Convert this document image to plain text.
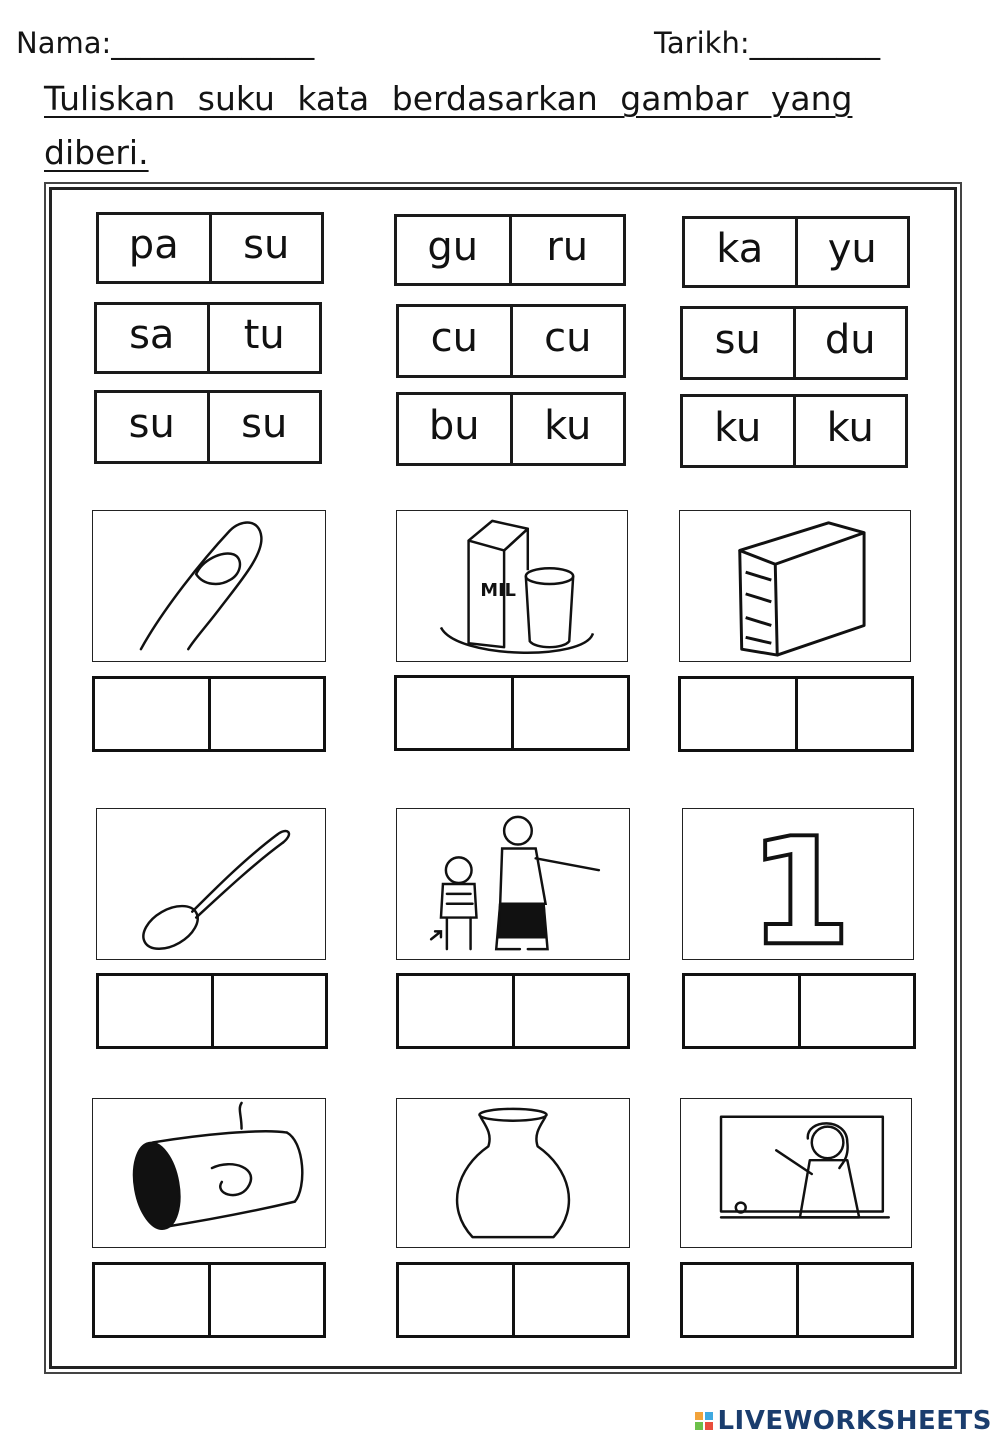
Nama:______________	Tarikh:_________
Tuliskan suku kata berdasarkan gambar yang diberi.
pa	su
sa	tu
su	su
gu	ru
cu	cu
bu	ku
ka	yu
su	du
ku	ku
MIL
1
LIVEWORKSHEETS
